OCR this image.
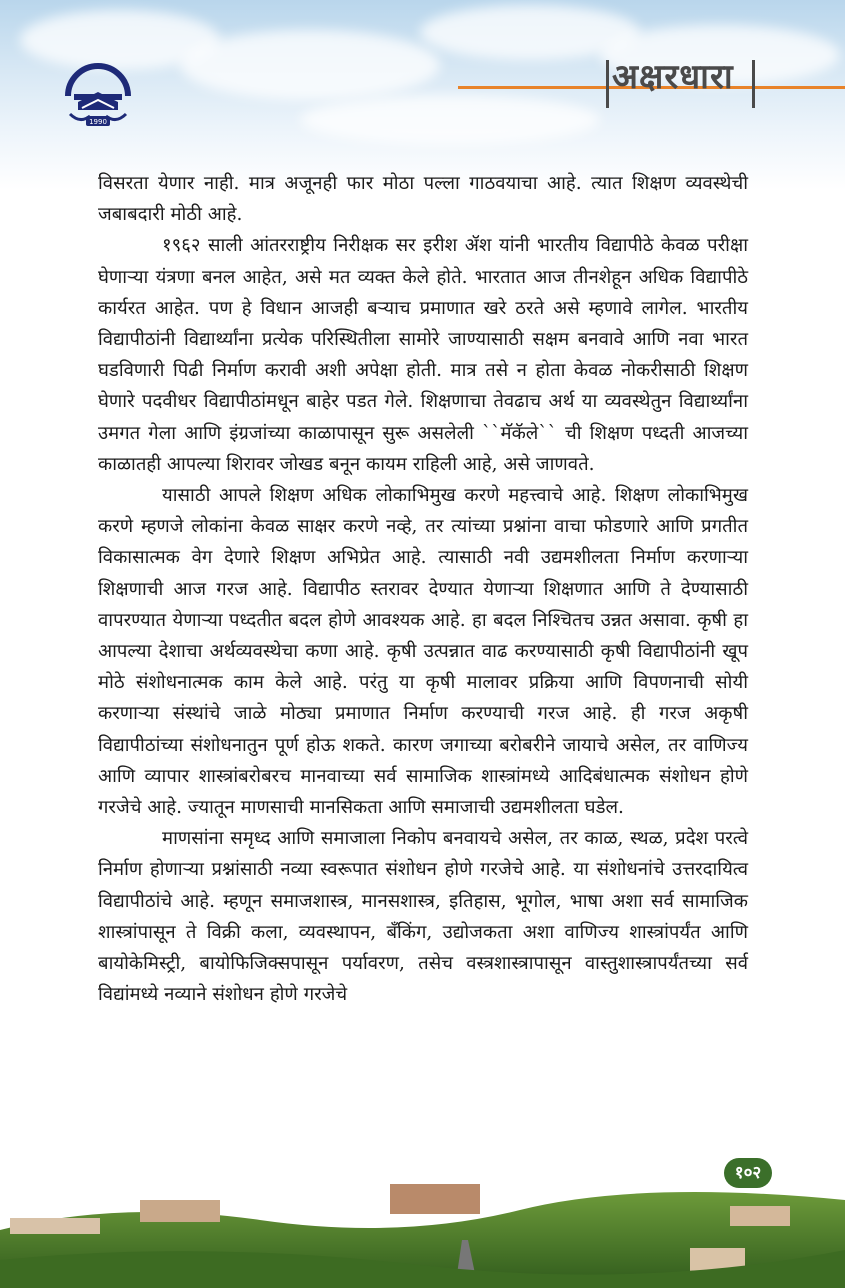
1990
अक्षरधारा

विसरता येणार नाही. मात्र अजूनही फार मोठा पल्ला गाठवयाचा आहे. त्यात शिक्षण व्यवस्थेची जबाबदारी मोठी आहे.

१९६२ साली आंतरराष्ट्रीय निरीक्षक सर इरीश ॲश यांनी भारतीय विद्यापीठे केवळ परीक्षा घेणाऱ्या यंत्रणा बनल आहेत, असे मत व्यक्त केले होते. भारतात आज तीनशेहून अधिक विद्यापीठे कार्यरत आहेत. पण हे विधान आजही बऱ्याच प्रमाणात खरे ठरते असे म्हणावे लागेल. भारतीय विद्यापीठांनी विद्यार्थ्यांना प्रत्येक परिस्थितीला सामोरे जाण्यासाठी सक्षम बनवावे आणि नवा भारत घडविणारी पिढी निर्माण करावी अशी अपेक्षा होती. मात्र तसे न होता केवळ नोकरीसाठी शिक्षण घेणारे पदवीधर विद्यापीठांमधून बाहेर पडत गेले. शिक्षणाचा तेवढाच अर्थ या व्यवस्थेतुन विद्यार्थ्यांना उमगत गेला आणि इंग्रजांच्या काळापासून सुरू असलेली ``मॅकॅले`` ची शिक्षण पध्दती आजच्या काळातही आपल्या शिरावर जोखड बनून कायम राहिली आहे, असे जाणवते.

यासाठी आपले शिक्षण अधिक लोकाभिमुख करणे महत्त्वाचे आहे. शिक्षण लोकाभिमुख करणे म्हणजे लोकांना केवळ साक्षर करणे नव्हे, तर त्यांच्या प्रश्नांना वाचा फोडणारे आणि प्रगतीत विकासात्मक वेग देणारे शिक्षण अभिप्रेत आहे. त्यासाठी नवी उद्यमशीलता निर्माण करणाऱ्या शिक्षणाची आज गरज आहे. विद्यापीठ स्तरावर देण्यात येणाऱ्या शिक्षणात आणि ते देण्यासाठी वापरण्यात येणाऱ्या पध्दतीत बदल होणे आवश्यक आहे. हा बदल निश्चितच उन्नत असावा. कृषी हा आपल्या देशाचा अर्थव्यवस्थेचा कणा आहे. कृषी उत्पन्नात वाढ करण्यासाठी कृषी विद्यापीठांनी खूप मोठे संशोधनात्मक काम केले आहे. परंतु या कृषी मालावर प्रक्रिया आणि विपणनाची सोयी करणाऱ्या संस्थांचे जाळे मोठ्या प्रमाणात निर्माण करण्याची गरज आहे. ही गरज अकृषी विद्यापीठांच्या संशोधनातुन पूर्ण होऊ शकते. कारण जगाच्या बरोबरीने जायाचे असेल, तर वाणिज्य आणि व्यापार शास्त्रांबरोबरच मानवाच्या सर्व सामाजिक शास्त्रांमध्ये आदिबंधात्मक संशोधन होणे गरजेचे आहे. ज्यातून माणसाची मानसिकता आणि समाजाची उद्यमशीलता घडेल.

माणसांना समृध्द आणि समाजाला निकोप बनवायचे असेल, तर काळ, स्थळ, प्रदेश परत्वे निर्माण होणाऱ्या प्रश्नांसाठी नव्या स्वरूपात संशोधन होणे गरजेचे आहे. या संशोधनांचे उत्तरदायित्व विद्यापीठांचे आहे. म्हणून समाजशास्त्र, मानसशास्त्र, इतिहास, भूगोल, भाषा अशा सर्व सामाजिक शास्त्रांपासून ते विक्री कला, व्यवस्थापन, बँकिंग, उद्योजकता अशा वाणिज्य शास्त्रांपर्यंत आणि बायोकेमिस्ट्री, बायोफिजिक्सपासून पर्यावरण, तसेच वस्त्रशास्त्रापासून वास्तुशास्त्रापर्यंतच्या सर्व विद्यांमध्ये नव्याने संशोधन होणे गरजेचे

१०२
